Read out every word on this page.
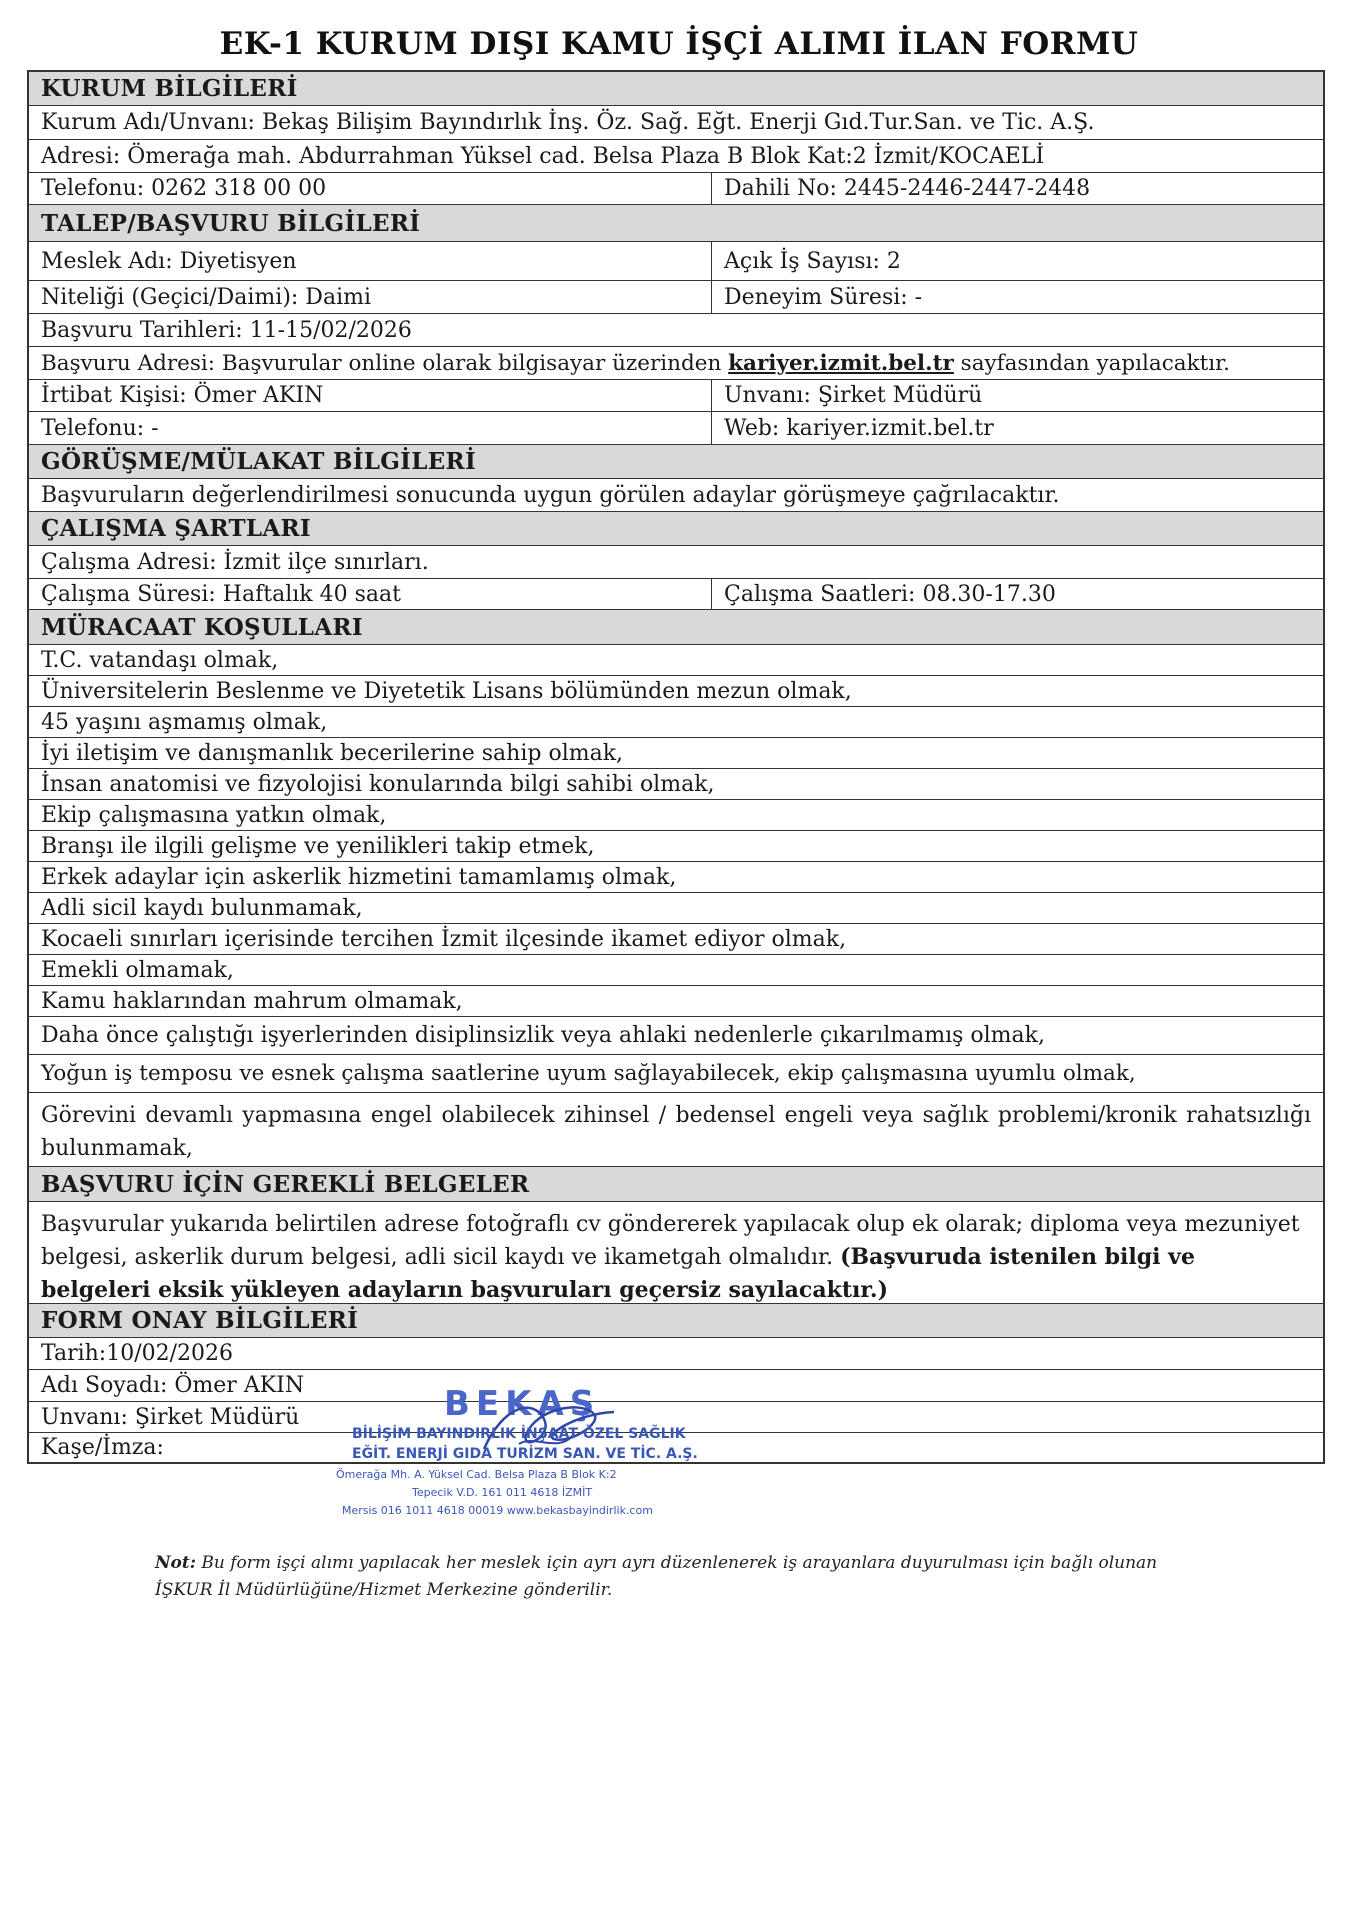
EK-1 KURUM DIŞI KAMU İŞÇİ ALIMI İLAN FORMU
KURUM BİLGİLERİ
Kurum Adı/Unvanı: Bekaş Bilişim Bayındırlık İnş. Öz. Sağ. Eğt. Enerji Gıd.Tur.San. ve Tic. A.Ş.
Adresi: Ömerağa mah. Abdurrahman Yüksel cad. Belsa Plaza B Blok Kat:2 İzmit/KOCAELİ
Telefonu: 0262 318 00 00	Dahili No: 2445-2446-2447-2448
TALEP/BAŞVURU BİLGİLERİ
Meslek Adı: Diyetisyen	Açık İş Sayısı: 2
Niteliği (Geçici/Daimi): Daimi	Deneyim Süresi: -
Başvuru Tarihleri: 11-15/02/2026
Başvuru Adresi: Başvurular online olarak bilgisayar üzerinden kariyer.izmit.bel.tr sayfasından yapılacaktır.
İrtibat Kişisi: Ömer AKIN	Unvanı: Şirket Müdürü
Telefonu: -	Web: kariyer.izmit.bel.tr
GÖRÜŞME/MÜLAKAT BİLGİLERİ
Başvuruların değerlendirilmesi sonucunda uygun görülen adaylar görüşmeye çağrılacaktır.
ÇALIŞMA ŞARTLARI
Çalışma Adresi: İzmit ilçe sınırları.
Çalışma Süresi: Haftalık 40 saat	Çalışma Saatleri: 08.30-17.30
MÜRACAAT KOŞULLARI
T.C. vatandaşı olmak,
Üniversitelerin Beslenme ve Diyetetik Lisans bölümünden mezun olmak,
45 yaşını aşmamış olmak,
İyi iletişim ve danışmanlık becerilerine sahip olmak,
İnsan anatomisi ve fizyolojisi konularında bilgi sahibi olmak,
Ekip çalışmasına yatkın olmak,
Branşı ile ilgili gelişme ve yenilikleri takip etmek,
Erkek adaylar için askerlik hizmetini tamamlamış olmak,
Adli sicil kaydı bulunmamak,
Kocaeli sınırları içerisinde tercihen İzmit ilçesinde ikamet ediyor olmak,
Emekli olmamak,
Kamu haklarından mahrum olmamak,
Daha önce çalıştığı işyerlerinden disiplinsizlik veya ahlaki nedenlerle çıkarılmamış olmak,
Yoğun iş temposu ve esnek çalışma saatlerine uyum sağlayabilecek, ekip çalışmasına uyumlu olmak,
Görevini devamlı yapmasına engel olabilecek zihinsel / bedensel engeli veya sağlık problemi/kronik rahatsızlığı bulunmamak,
BAŞVURU İÇİN GEREKLİ BELGELER
Başvurular yukarıda belirtilen adrese fotoğraflı cv göndererek yapılacak olup ek olarak; diploma veya mezuniyet belgesi, askerlik durum belgesi, adli sicil kaydı ve ikametgah olmalıdır. (Başvuruda istenilen bilgi ve belgeleri eksik yükleyen adayların başvuruları geçersiz sayılacaktır.)
FORM ONAY BİLGİLERİ
Tarih:10/02/2026
Adı Soyadı: Ömer AKIN
Unvanı: Şirket Müdürü
Kaşe/İmza:
BEKAŞ
BİLİŞİM BAYINDIRLIK İNŞAAT ÖZEL SAĞLIK
EĞİT. ENERJİ GIDA TURİZM SAN. VE TİC. A.Ş.
Ömerağa Mh. A. Yüksel Cad. Belsa Plaza B Blok K:2
Tepecik V.D. 161 011 4618 İZMİT
Mersis 016 1011 4618 00019 www.bekasbayindirlik.com
Not: Bu form işçi alımı yapılacak her meslek için ayrı ayrı düzenlenerek iş arayanlara duyurulması için bağlı olunan İŞKUR İl Müdürlüğüne/Hizmet Merkezine gönderilir.
